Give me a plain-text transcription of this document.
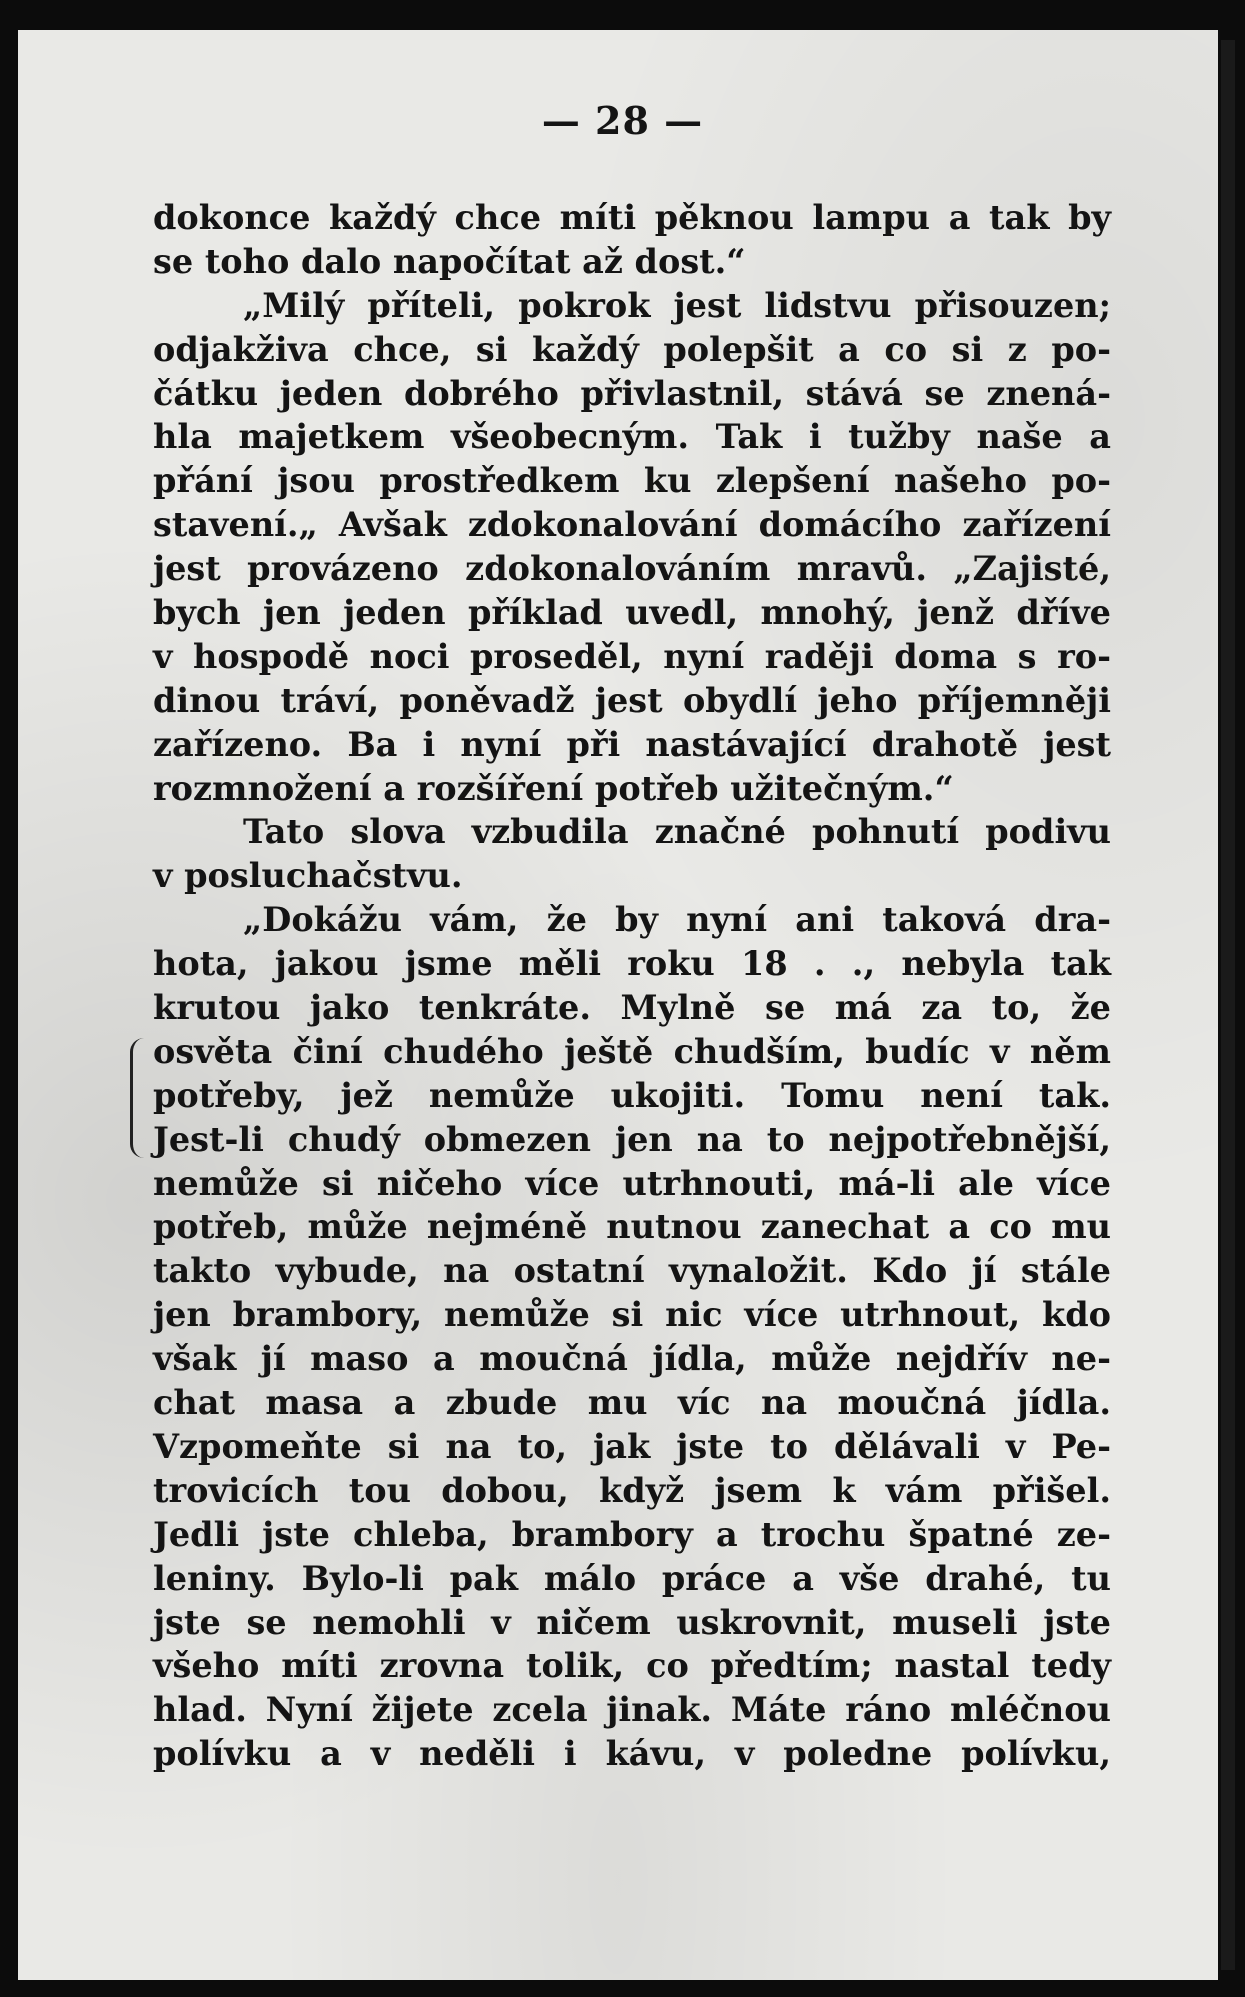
— 28 —
dokonce každý chce míti pěknou lampu a tak by
se toho dalo napočítat až dost.“
„Milý příteli, pokrok jest lidstvu přisouzen;
odjakživa chce, si každý polepšit a co si z po-
čátku jeden dobrého přivlastnil, stává se znená-
hla majetkem všeobecným. Tak i tužby naše a
přání jsou prostředkem ku zlepšení našeho po-
stavení.„ Avšak zdokonalování domácího zařízení
jest provázeno zdokonalováním mravů. „Zajisté,
bych jen jeden příklad uvedl, mnohý, jenž dříve
v hospodě noci proseděl, nyní raději doma s ro-
dinou tráví, poněvadž jest obydlí jeho příjemněji
zařízeno. Ba i nyní při nastávající drahotě jest
rozmnožení a rozšíření potřeb užitečným.“
Tato slova vzbudila značné pohnutí podivu
v posluchačstvu.
„Dokážu vám, že by nyní ani taková dra-
hota, jakou jsme měli roku 18 . ., nebyla tak
krutou jako tenkráte. Mylně se má za to, že
osvěta činí chudého ještě chudším, budíc v něm
potřeby, jež nemůže ukojiti. Tomu není tak.
Jest-li chudý obmezen jen na to nejpotřebnější,
nemůže si ničeho více utrhnouti, má-li ale více
potřeb, může nejméně nutnou zanechat a co mu
takto vybude, na ostatní vynaložit. Kdo jí stále
jen brambory, nemůže si nic více utrhnout, kdo
však jí maso a moučná jídla, může nejdřív ne-
chat masa a zbude mu víc na moučná jídla.
Vzpomeňte si na to, jak jste to dělávali v Pe-
trovicích tou dobou, když jsem k vám přišel.
Jedli jste chleba, brambory a trochu špatné ze-
leniny. Bylo-li pak málo práce a vše drahé, tu
jste se nemohli v ničem uskrovnit, museli jste
všeho míti zrovna tolik, co předtím; nastal tedy
hlad. Nyní žijete zcela jinak. Máte ráno mléčnou
polívku a v neděli i kávu, v poledne polívku,
